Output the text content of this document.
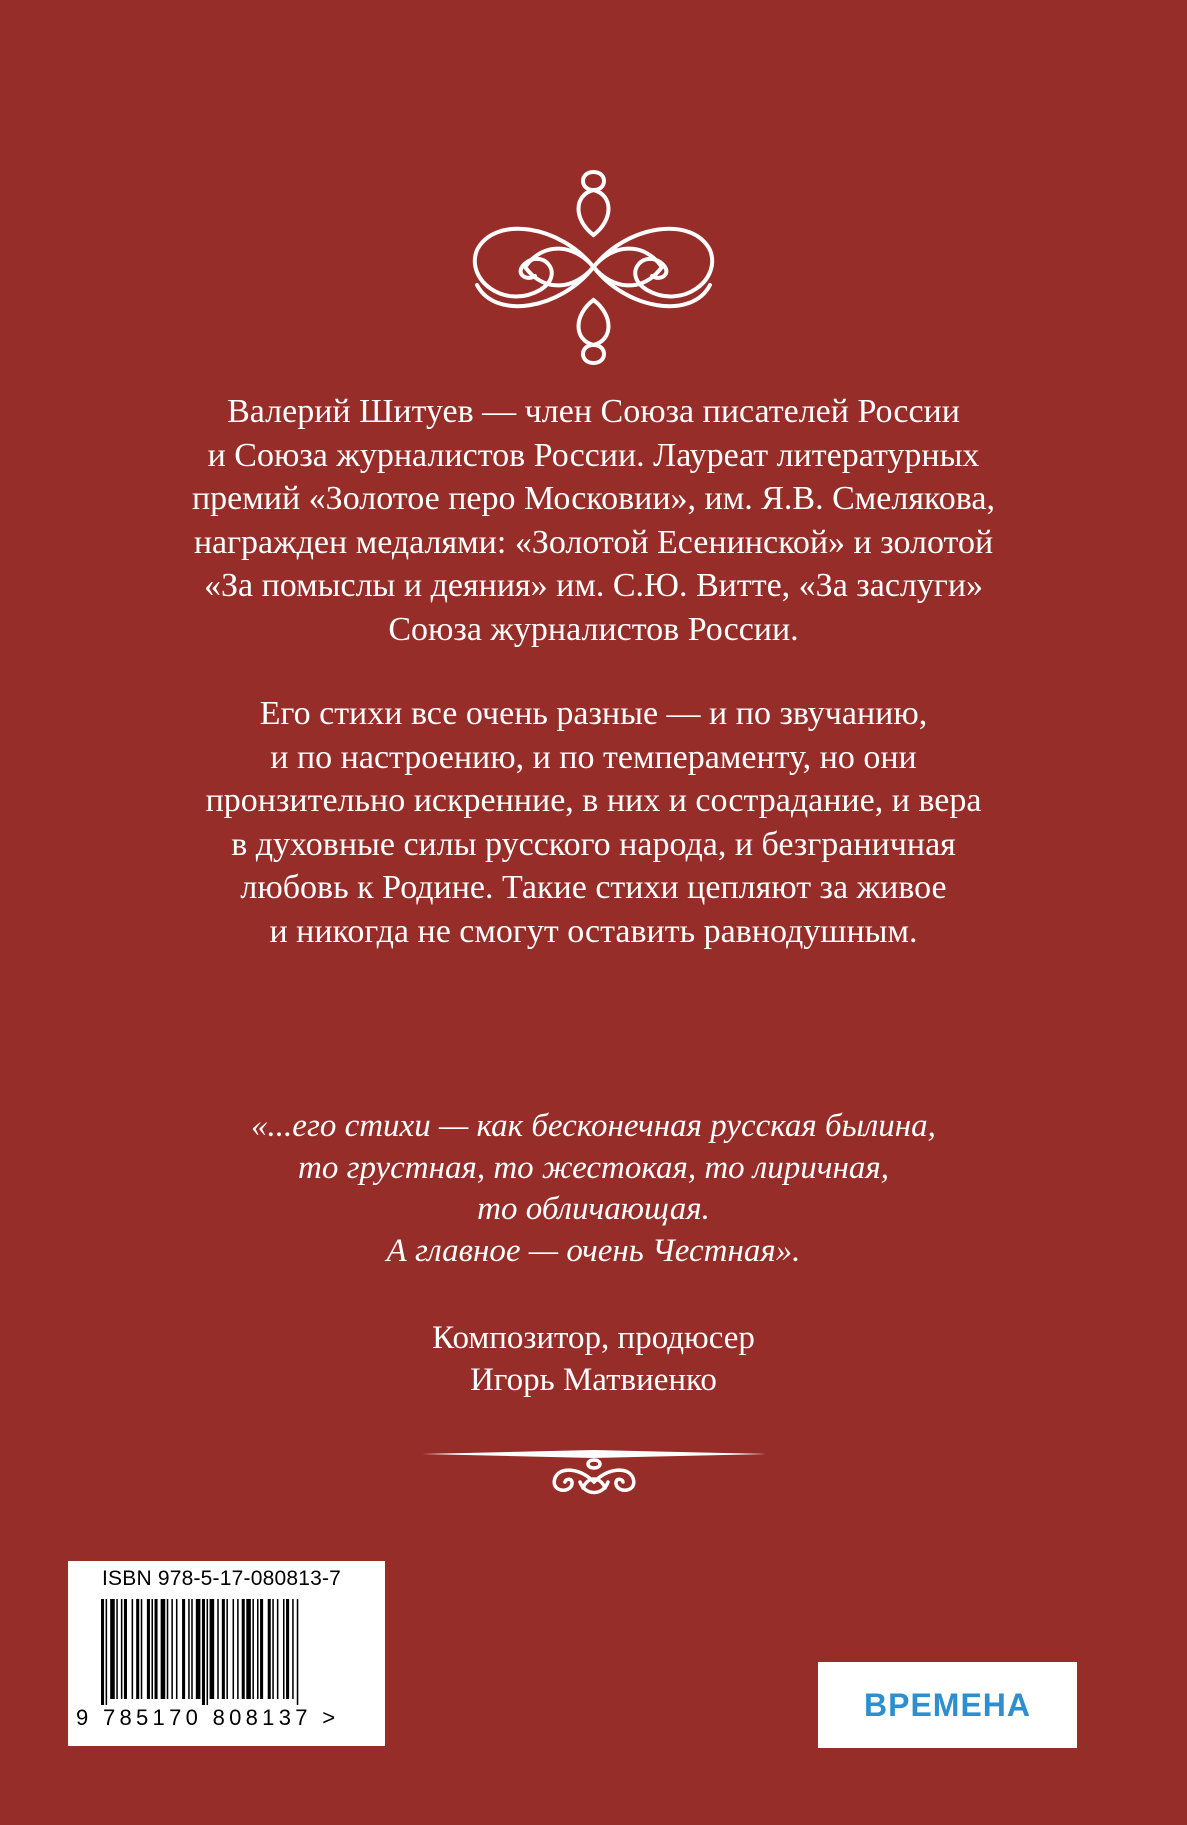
Валерий Шитуев — член Союза писателей России
и Союза журналистов России. Лауреат литературных
премий «Золотое перо Московии», им. Я.В. Смелякова,
награжден медалями: «Золотой Есенинской» и золотой
«За помыслы и деяния» им. С.Ю. Витте, «За заслуги»
Союза журналистов России.

Его стихи все очень разные — и по звучанию,
и по настроению, и по темпераменту, но они
пронзительно искренние, в них и сострадание, и вера
в духовные силы русского народа, и безграничная
любовь к Родине. Такие стихи цепляют за живое
и никогда не смогут оставить равнодушным.

«...его стихи — как бесконечная русская былина,
то грустная, то жестокая, то лиричная,
то обличающая.
А главное — очень Честная».
Композитор, продюсер
Игорь Матвиенко
ISBN 978-5-17-080813-7
9 785170 808137 >	ВРЕМЕНА
